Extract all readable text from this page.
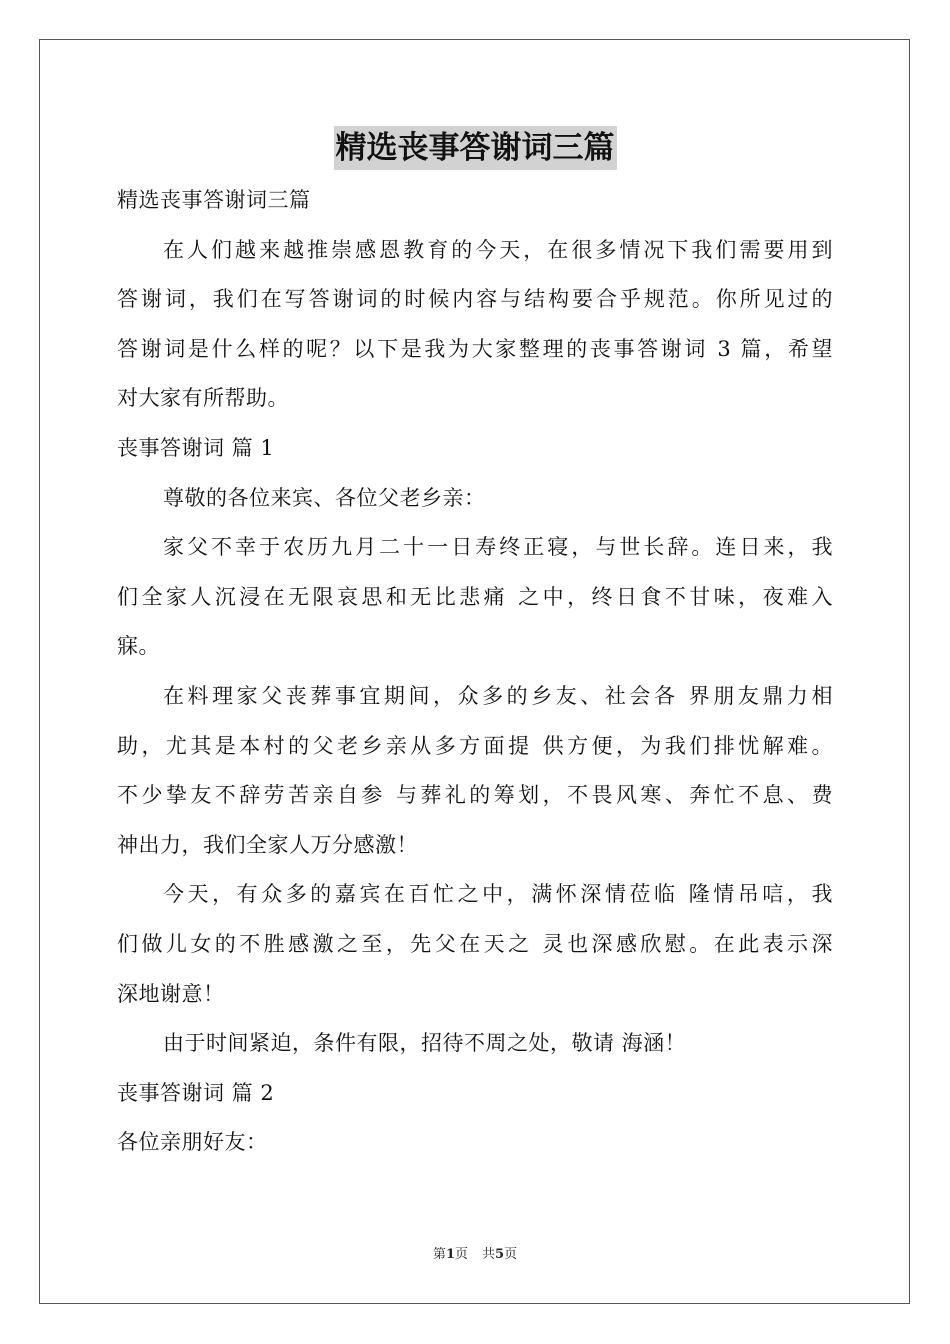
精选丧事答谢词三篇
精选丧事答谢词三篇
在人们越来越推崇感恩教育的今天，在很多情况下我们需要用到
答谢词，我们在写答谢词的时候内容与结构要合乎规范。你所见过的
答谢词是什么样的呢？以下是我为大家整理的丧事答谢词 3 篇，希望
对大家有所帮助。
丧事答谢词 篇 1
尊敬的各位来宾、各位父老乡亲：
家父不幸于农历九月二十一日寿终正寝，与世长辞。连日来，我
们全家人沉浸在无限哀思和无比悲痛 之中，终日食不甘味，夜难入
寐。
在料理家父丧葬事宜期间，众多的乡友、社会各 界朋友鼎力相
助，尤其是本村的父老乡亲从多方面提 供方便，为我们排忧解难。
不少挚友不辞劳苦亲自参 与葬礼的筹划，不畏风寒、奔忙不息、费
神出力，我们全家人万分感激！
今天，有众多的嘉宾在百忙之中，满怀深情莅临 隆情吊唁，我
们做儿女的不胜感激之至，先父在天之 灵也深感欣慰。在此表示深
深地谢意！
由于时间紧迫，条件有限，招待不周之处，敬请 海涵！
丧事答谢词 篇 2
各位亲朋好友：
第1页 共5页
